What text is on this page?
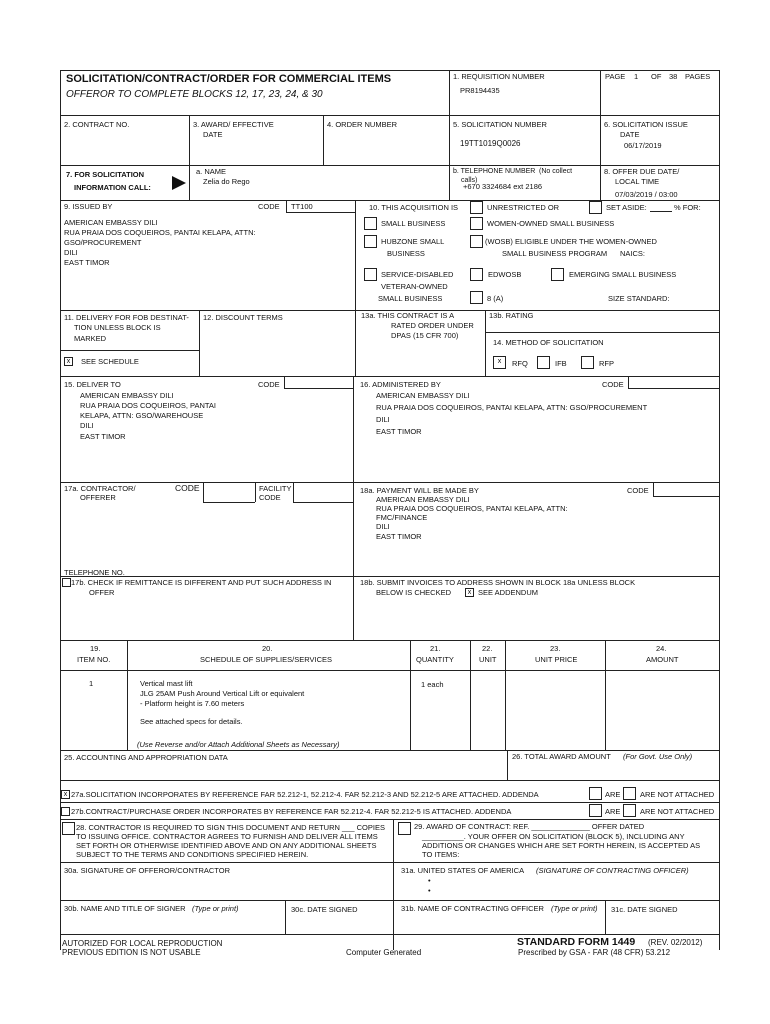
SOLICITATION/CONTRACT/ORDER FOR COMMERCIAL ITEMS
OFFEROR TO COMPLETE BLOCKS 12, 17, 23, 24, & 30
1. REQUISITION NUMBER
PR8194435
PAGE 1 OF 38 PAGES
2. CONTRACT NO.	3. AWARD/ EFFECTIVE
DATE
4. ORDER NUMBER	5. SOLICITATION NUMBER
19TT1019Q0026
6. SOLICITATION ISSUE
DATE
06/17/2019
7. FOR SOLICITATION
INFORMATION CALL:
a. NAME
Zelia do Rego
b. TELEPHONE NUMBER (No collect
calls)
+670 3324684 ext 2186
8. OFFER DUE DATE/
LOCAL TIME
07/03/2019 / 03:00
9. ISSUED BY	CODE TT100
AMERICAN EMBASSY DILI
RUA PRAIA DOS COQUEIROS, PANTAI KELAPA, ATTN:
GSO/PROCUREMENT
DILI
EAST TIMOR
10. THIS ACQUISITION IS	UNRESTRICTED OR	SET ASIDE:	% FOR:
SMALL BUSINESS	WOMEN-OWNED SMALL BUSINESS
HUBZONE SMALL
BUSINESS
(WOSB) ELIGIBLE UNDER THE WOMEN-OWNED
SMALL BUSINESS PROGRAM NAICS:
SERVICE-DISABLED
VETERAN-OWNED
SMALL BUSINESS
EDWOSB	EMERGING SMALL BUSINESS
8 (A)	SIZE STANDARD:
11. DELIVERY FOR FOB DESTINAT-
TION UNLESS BLOCK IS
MARKED
x	SEE SCHEDULE
12. DISCOUNT TERMS	13a. THIS CONTRACT IS A
RATED ORDER UNDER
DPAS (15 CFR 700)
13b. RATING
14. METHOD OF SOLICITATION
x	RFQ	IFB	RFP
15. DELIVER TO	CODE
AMERICAN EMBASSY DILI
RUA PRAIA DOS COQUEIROS, PANTAI
KELAPA, ATTN: GSO/WAREHOUSE
DILI
EAST TIMOR
16. ADMINISTERED BY	CODE
AMERICAN EMBASSY DILI
RUA PRAIA DOS COQUEIROS, PANTAI KELAPA, ATTN: GSO/PROCUREMENT
DILI
EAST TIMOR
17a. CONTRACTOR/
OFFERER
CODE	FACILITY
CODE
TELEPHONE NO.
17b. CHECK IF REMITTANCE IS DIFFERENT AND PUT SUCH ADDRESS IN
OFFER
18a. PAYMENT WILL BE MADE BY	CODE
AMERICAN EMBASSY DILI
RUA PRAIA DOS COQUEIROS, PANTAI KELAPA, ATTN:
FMC/FINANCE
DILI
EAST TIMOR
18b. SUBMIT INVOICES TO ADDRESS SHOWN IN BLOCK 18a UNLESS BLOCK
BELOW IS CHECKED	x SEE ADDENDUM
19.
ITEM NO.
20.
SCHEDULE OF SUPPLIES/SERVICES
21.
QUANTITY
22.
UNIT
23.
UNIT PRICE
24.
AMOUNT
1	Vertical mast lift
JLG 25AM Push Around Vertical Lift or equivalent
- Platform height is 7.60 meters
See attached specs for details.
1 each
(Use Reverse and/or Attach Additional Sheets as Necessary)
25. ACCOUNTING AND APPROPRIATION DATA	26. TOTAL AWARD AMOUNT (For Govt. Use Only)
x 27a.SOLICITATION INCORPORATES BY REFERENCE FAR 52.212-1, 52.212-4. FAR 52.212-3 AND 52.212-5 ARE ATTACHED. ADDENDA	ARE	ARE NOT ATTACHED
27b.CONTRACT/PURCHASE ORDER INCORPORATES BY REFERENCE FAR 52.212-4. FAR 52.212-5 IS ATTACHED. ADDENDA	ARE	ARE NOT ATTACHED
28. CONTRACTOR IS REQUIRED TO SIGN THIS DOCUMENT AND RETURN ___ COPIES
TO ISSUING OFFICE. CONTRACTOR AGREES TO FURNISH AND DELIVER ALL ITEMS
SET FORTH OR OTHERWISE IDENTIFIED ABOVE AND ON ANY ADDITIONAL SHEETS
SUBJECT TO THE TERMS AND CONDITIONS SPECIFIED HEREIN.
29. AWARD OF CONTRACT: REF. ______________ OFFER DATED
__________. YOUR OFFER ON SOLICITATION (BLOCK 5), INCLUDING ANY
ADDITIONS OR CHANGES WHICH ARE SET FORTH HEREIN, IS ACCEPTED AS
TO ITEMS:
30a. SIGNATURE OF OFFEROR/CONTRACTOR	31a. UNITED STATES OF AMERICA (SIGNATURE OF CONTRACTING OFFICER)
•
•
30b. NAME AND TITLE OF SIGNER (Type or print)	30c. DATE SIGNED	31b. NAME OF CONTRACTING OFFICER (Type or print) 31c. DATE SIGNED
AUTORIZED FOR LOCAL REPRODUCTION
PREVIOUS EDITION IS NOT USABLE	Computer Generated
STANDARD FORM 1449 (REV. 02/2012)
Prescribed by GSA - FAR (48 CFR) 53.212
